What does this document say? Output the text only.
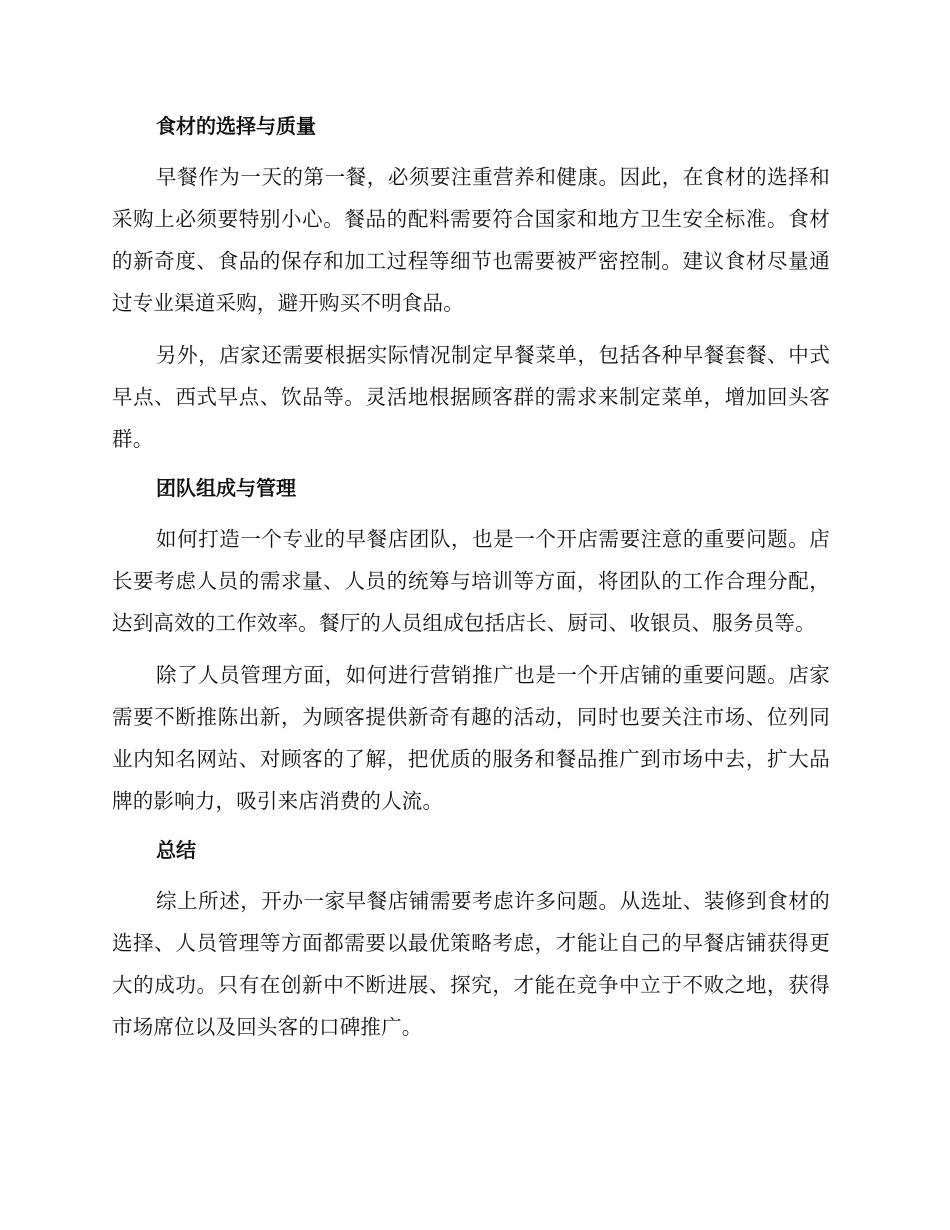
食材的选择与质量

早餐作为一天的第一餐，必须要注重营养和健康。因此，在食材的选择和采购上必须要特别小心。餐品的配料需要符合国家和地方卫生安全标准。食材的新奇度、食品的保存和加工过程等细节也需要被严密控制。建议食材尽量通过专业渠道采购，避开购买不明食品。

另外，店家还需要根据实际情况制定早餐菜单，包括各种早餐套餐、中式早点、西式早点、饮品等。灵活地根据顾客群的需求来制定菜单，增加回头客群。

团队组成与管理

如何打造一个专业的早餐店团队，也是一个开店需要注意的重要问题。店长要考虑人员的需求量、人员的统筹与培训等方面，将团队的工作合理分配，达到高效的工作效率。餐厅的人员组成包括店长、厨司、收银员、服务员等。

除了人员管理方面，如何进行营销推广也是一个开店铺的重要问题。店家需要不断推陈出新，为顾客提供新奇有趣的活动，同时也要关注市场、位列同业内知名网站、对顾客的了解，把优质的服务和餐品推广到市场中去，扩大品牌的影响力，吸引来店消费的人流。

总结

综上所述，开办一家早餐店铺需要考虑许多问题。从选址、装修到食材的选择、人员管理等方面都需要以最优策略考虑，才能让自己的早餐店铺获得更大的成功。只有在创新中不断进展、探究，才能在竞争中立于不败之地，获得市场席位以及回头客的口碑推广。
